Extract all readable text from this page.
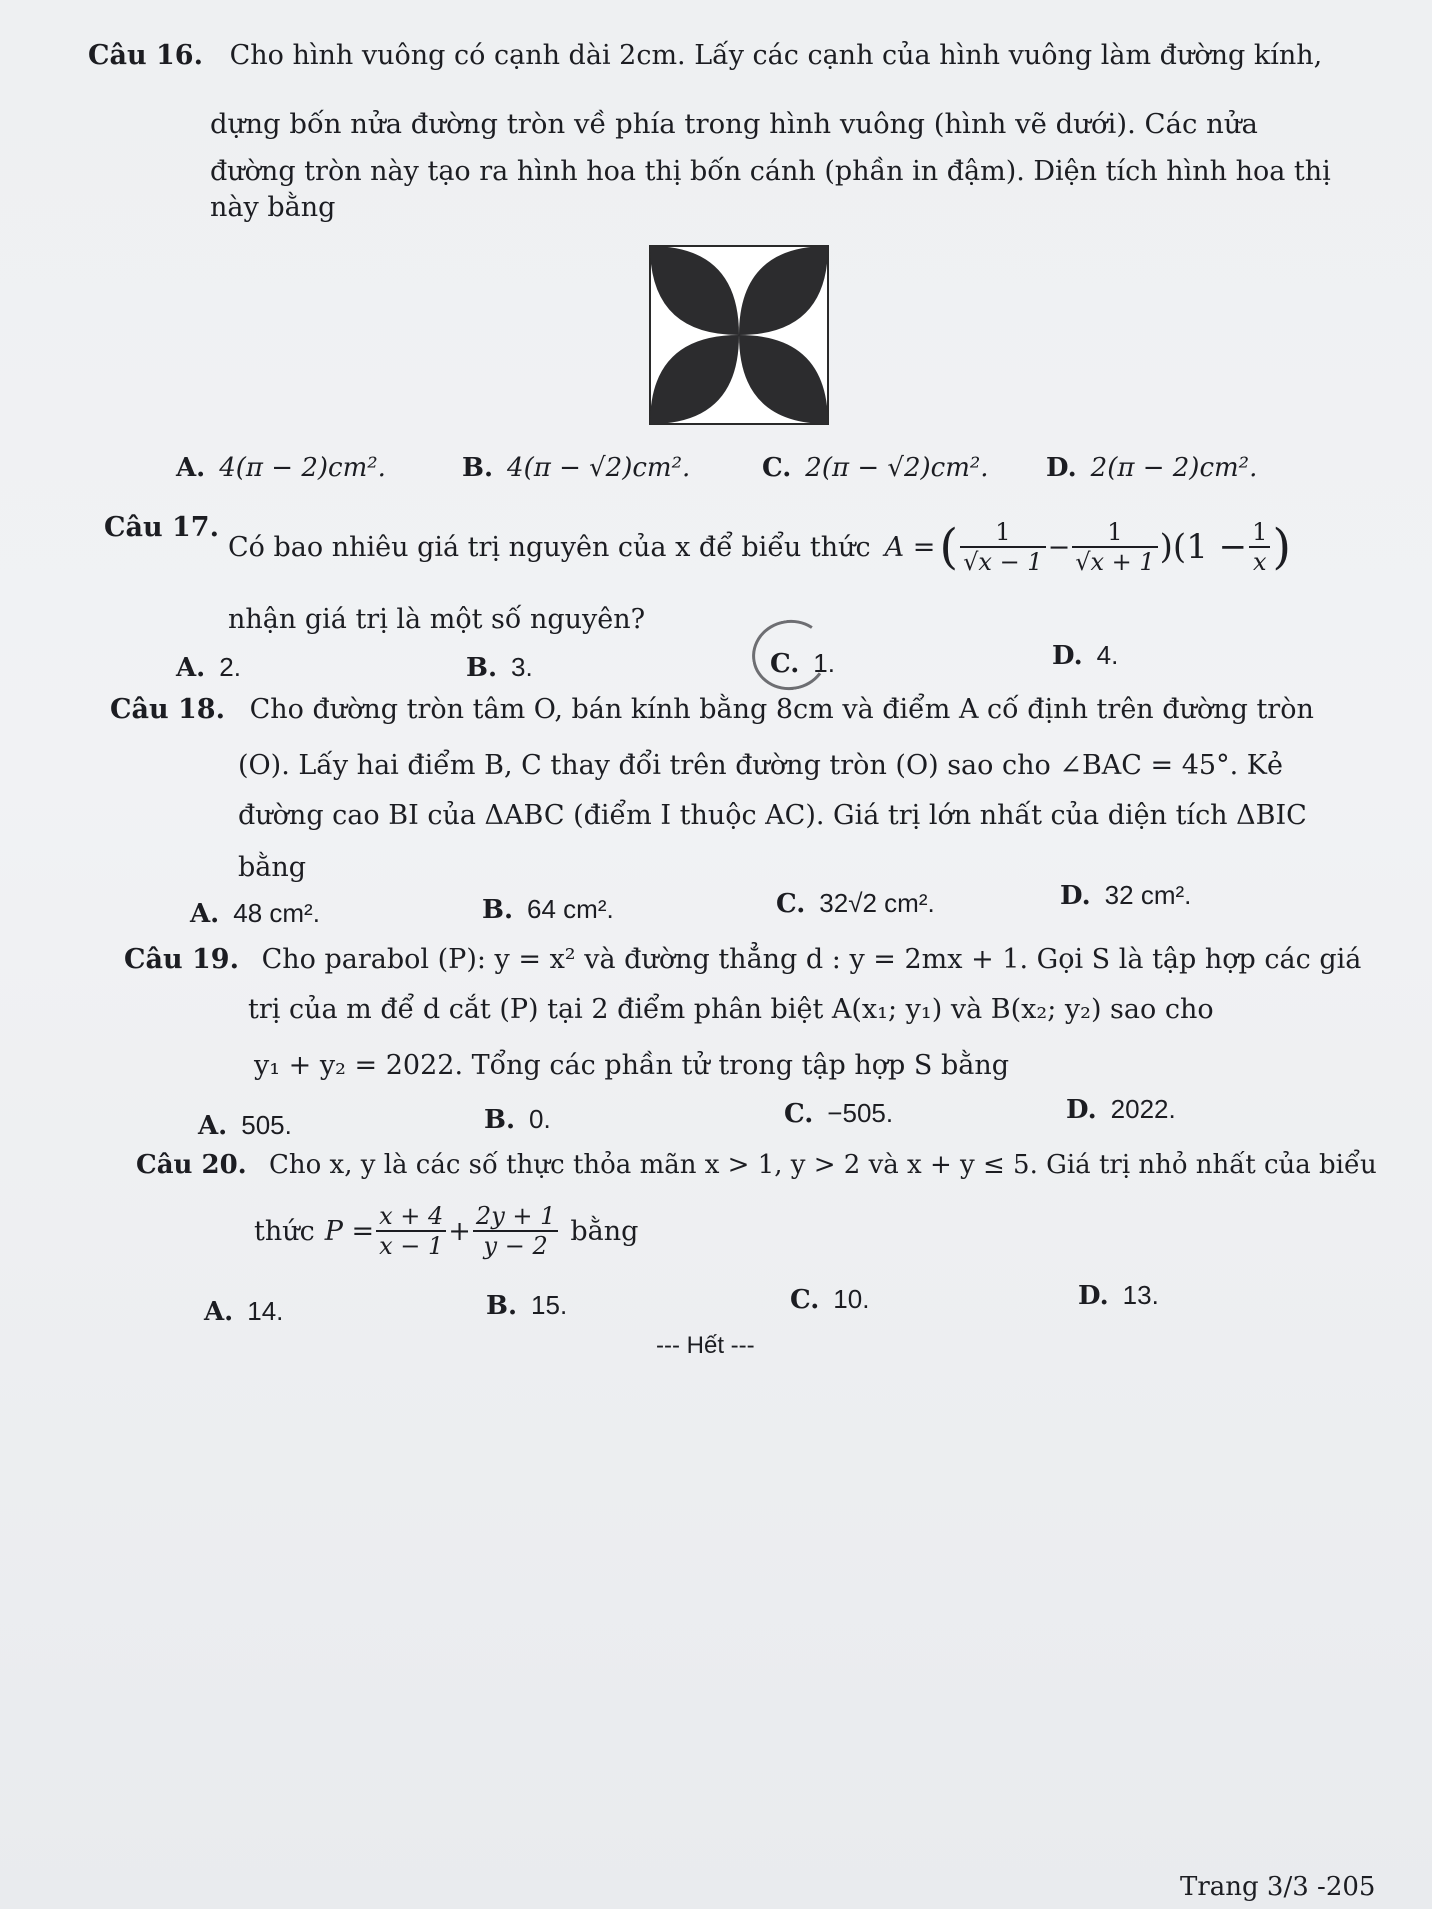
Câu 16. Cho hình vuông có cạnh dài 2cm. Lấy các cạnh của hình vuông làm đường kính,
dựng bốn nửa đường tròn về phía trong hình vuông (hình vẽ dưới). Các nửa
đường tròn này tạo ra hình hoa thị bốn cánh (phần in đậm). Diện tích hình hoa thị
này bằng
A. 4(π − 2)cm².	B. 4(π − √2)cm².	C. 2(π − √2)cm². D. 2(π − 2)cm².
Câu 17.
Có bao nhiêu giá trị nguyên của x để biểu thức A = ( $\frac{1}{√x - 1} - \frac{1}{√x + 1} )(1 - \frac{1}{x}$ )
nhận giá trị là một số nguyên?
A. 2.	B. 3.	C. 1.	D. 4.
Câu 18. Cho đường tròn tâm O, bán kính bằng 8cm và điểm A cố định trên đường tròn
(O). Lấy hai điểm B, C thay đổi trên đường tròn (O) sao cho ∠BAC = 45°. Kẻ
đường cao BI của ΔABC (điểm I thuộc AC). Giá trị lớn nhất của diện tích ΔBIC
bằng
A. 48 cm².	B. 64 cm².	C. 32√2 cm².	D. 32 cm².
Câu 19. Cho parabol (P): y = x² và đường thẳng d : y = 2mx + 1. Gọi S là tập hợp các giá
trị của m để d cắt (P) tại 2 điểm phân biệt A(x₁; y₁) và B(x₂; y₂) sao cho
y₁ + y₂ = 2022. Tổng các phần tử trong tập hợp S bằng
A. 505.	B. 0.	C. −505.	D. 2022.
Câu 20. Cho x, y là các số thực thỏa mãn x > 1, y > 2 và x + y ≤ 5. Giá trị nhỏ nhất của biểu
thức $P = \frac{x + 4}{x - 1} + \frac{2y + 1}{y - 2}$ bằng
A. 14.	B. 15.	C. 10.	D. 13.
--- Hết ---
Trang 3/3 -205
